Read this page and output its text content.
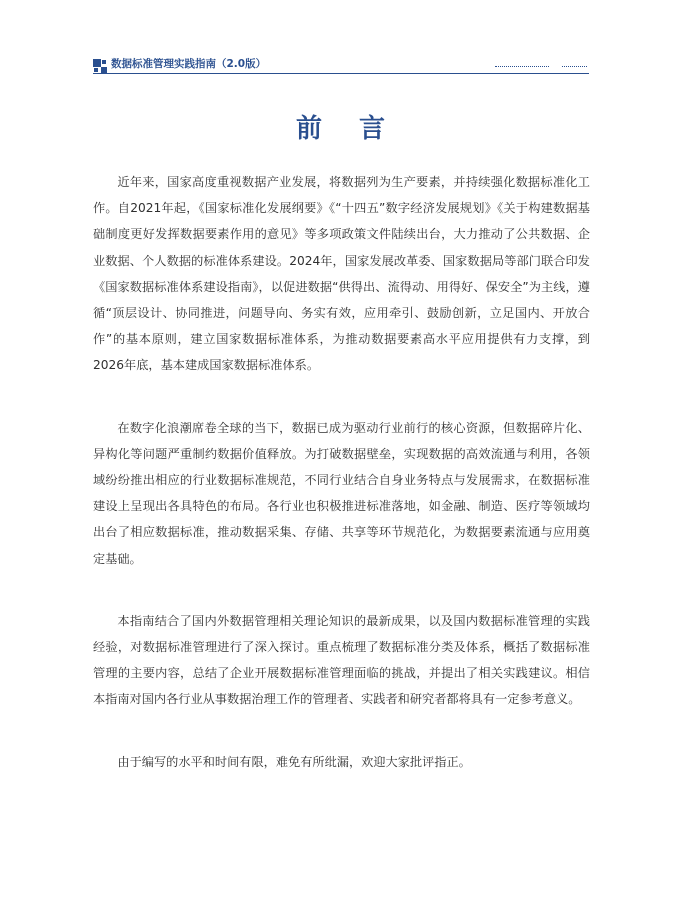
数据标准管理实践指南（2.0版）
前 言

近年来，国家高度重视数据产业发展，将数据列为生产要素，并持续强化数据标准化工作。自2021年起，《国家标准化发展纲要》《“十四五”数字经济发展规划》《关于构建数据基础制度更好发挥数据要素作用的意见》等多项政策文件陆续出台，大力推动了公共数据、企业数据、个人数据的标准体系建设。2024年，国家发展改革委、国家数据局等部门联合印发《国家数据标准体系建设指南》，以促进数据“供得出、流得动、用得好、保安全”为主线，遵循“顶层设计、协同推进，问题导向、务实有效，应用牵引、鼓励创新，立足国内、开放合作”的基本原则，建立国家数据标准体系，为推动数据要素高水平应用提供有力支撑，到2026年底，基本建成国家数据标准体系。

在数字化浪潮席卷全球的当下，数据已成为驱动行业前行的核心资源，但数据碎片化、异构化等问题严重制约数据价值释放。为打破数据壁垒，实现数据的高效流通与利用，各领域纷纷推出相应的行业数据标准规范，不同行业结合自身业务特点与发展需求，在数据标准建设上呈现出各具特色的布局。各行业也积极推进标准落地，如金融、制造、医疗等领域均出台了相应数据标准，推动数据采集、存储、共享等环节规范化，为数据要素流通与应用奠定基础。

本指南结合了国内外数据管理相关理论知识的最新成果，以及国内数据标准管理的实践经验，对数据标准管理进行了深入探讨。重点梳理了数据标准分类及体系，概括了数据标准管理的主要内容，总结了企业开展数据标准管理面临的挑战，并提出了相关实践建议。相信本指南对国内各行业从事数据治理工作的管理者、实践者和研究者都将具有一定参考意义。

由于编写的水平和时间有限，难免有所纰漏，欢迎大家批评指正。
